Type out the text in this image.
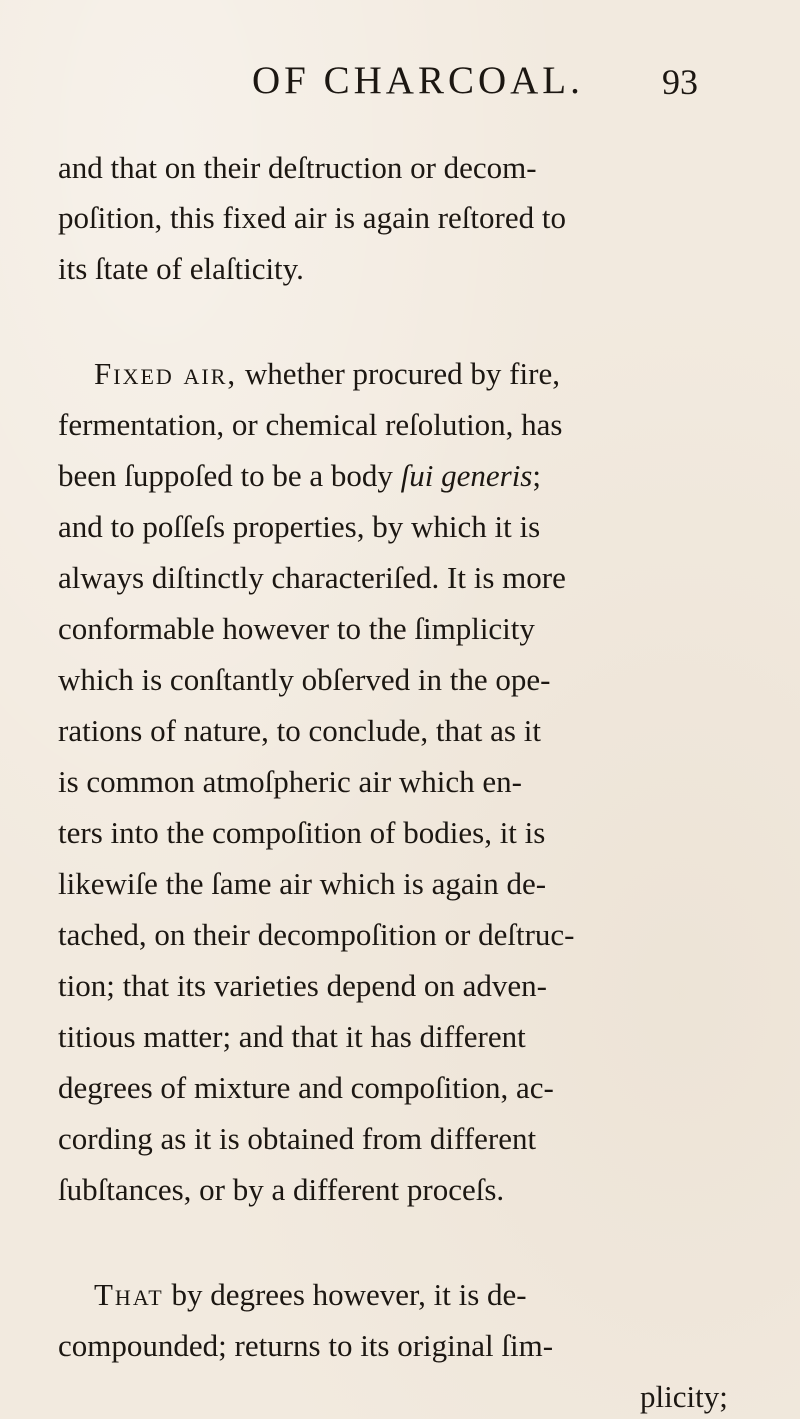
OF CHARCOAL. 93
and that on their deſtruction or decom-
poſition, this fixed air is again reſtored to
its ſtate of elaſticity.
Fixed air, whether procured by fire,
fermentation, or chemical reſolution, has
been ſuppoſed to be a body ſui generis;
and to poſſeſs properties, by which it is
always diſtinctly characteriſed. It is more
conformable however to the ſimplicity
which is conſtantly obſerved in the ope-
rations of nature, to conclude, that as it
is common atmoſpheric air which en-
ters into the compoſition of bodies, it is
likewiſe the ſame air which is again de-
tached, on their decompoſition or deſtruc-
tion; that its varieties depend on adven-
titious matter; and that it has different
degrees of mixture and compoſition, ac-
cording as it is obtained from different
ſubſtances, or by a different proceſs.
That by degrees however, it is de-
compounded; returns to its original ſim-
plicity;
